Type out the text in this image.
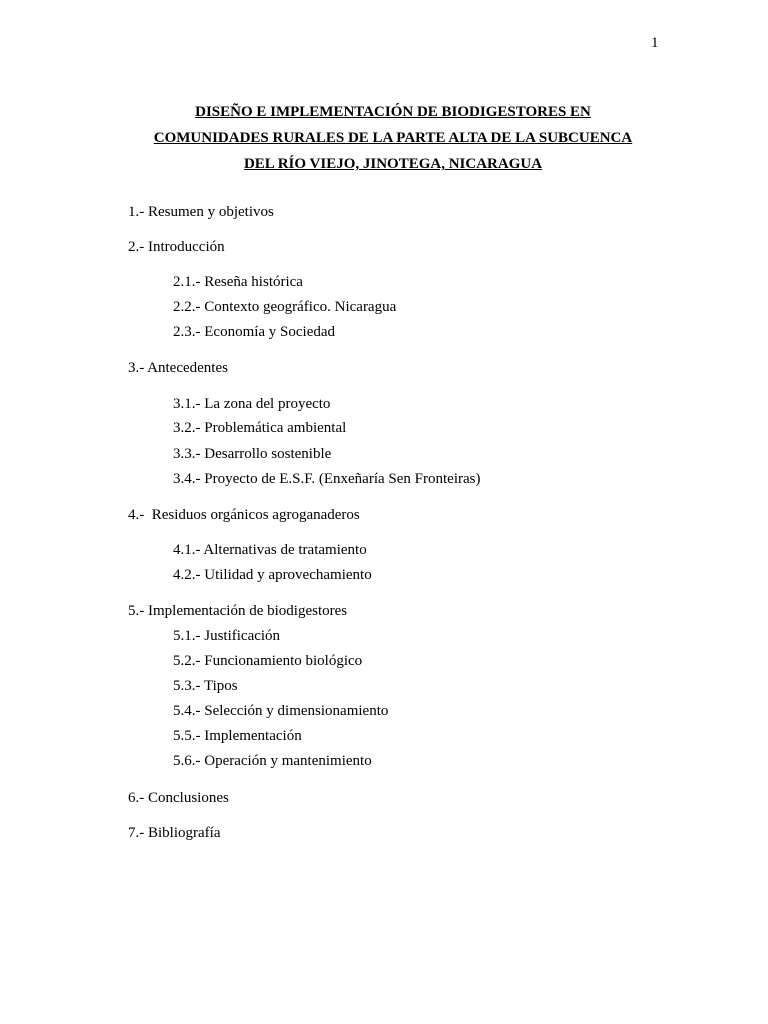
1
DISEÑO E IMPLEMENTACIÓN DE BIODIGESTORES EN
COMUNIDADES RURALES DE LA PARTE ALTA DE LA SUBCUENCA
DEL RÍO VIEJO, JINOTEGA, NICARAGUA
1.- Resumen y objetivos
2.- Introducción
2.1.- Reseña histórica
2.2.- Contexto geográfico. Nicaragua
2.3.- Economía y Sociedad
3.- Antecedentes
3.1.- La zona del proyecto
3.2.- Problemática ambiental
3.3.- Desarrollo sostenible
3.4.- Proyecto de E.S.F. (Enxeñaría Sen Fronteiras)
4.-  Residuos orgánicos agroganaderos
4.1.- Alternativas de tratamiento
4.2.- Utilidad y aprovechamiento
5.- Implementación de biodigestores
5.1.- Justificación
5.2.- Funcionamiento biológico
5.3.- Tipos
5.4.- Selección y dimensionamiento
5.5.- Implementación
5.6.- Operación y mantenimiento
6.- Conclusiones
7.- Bibliografía
